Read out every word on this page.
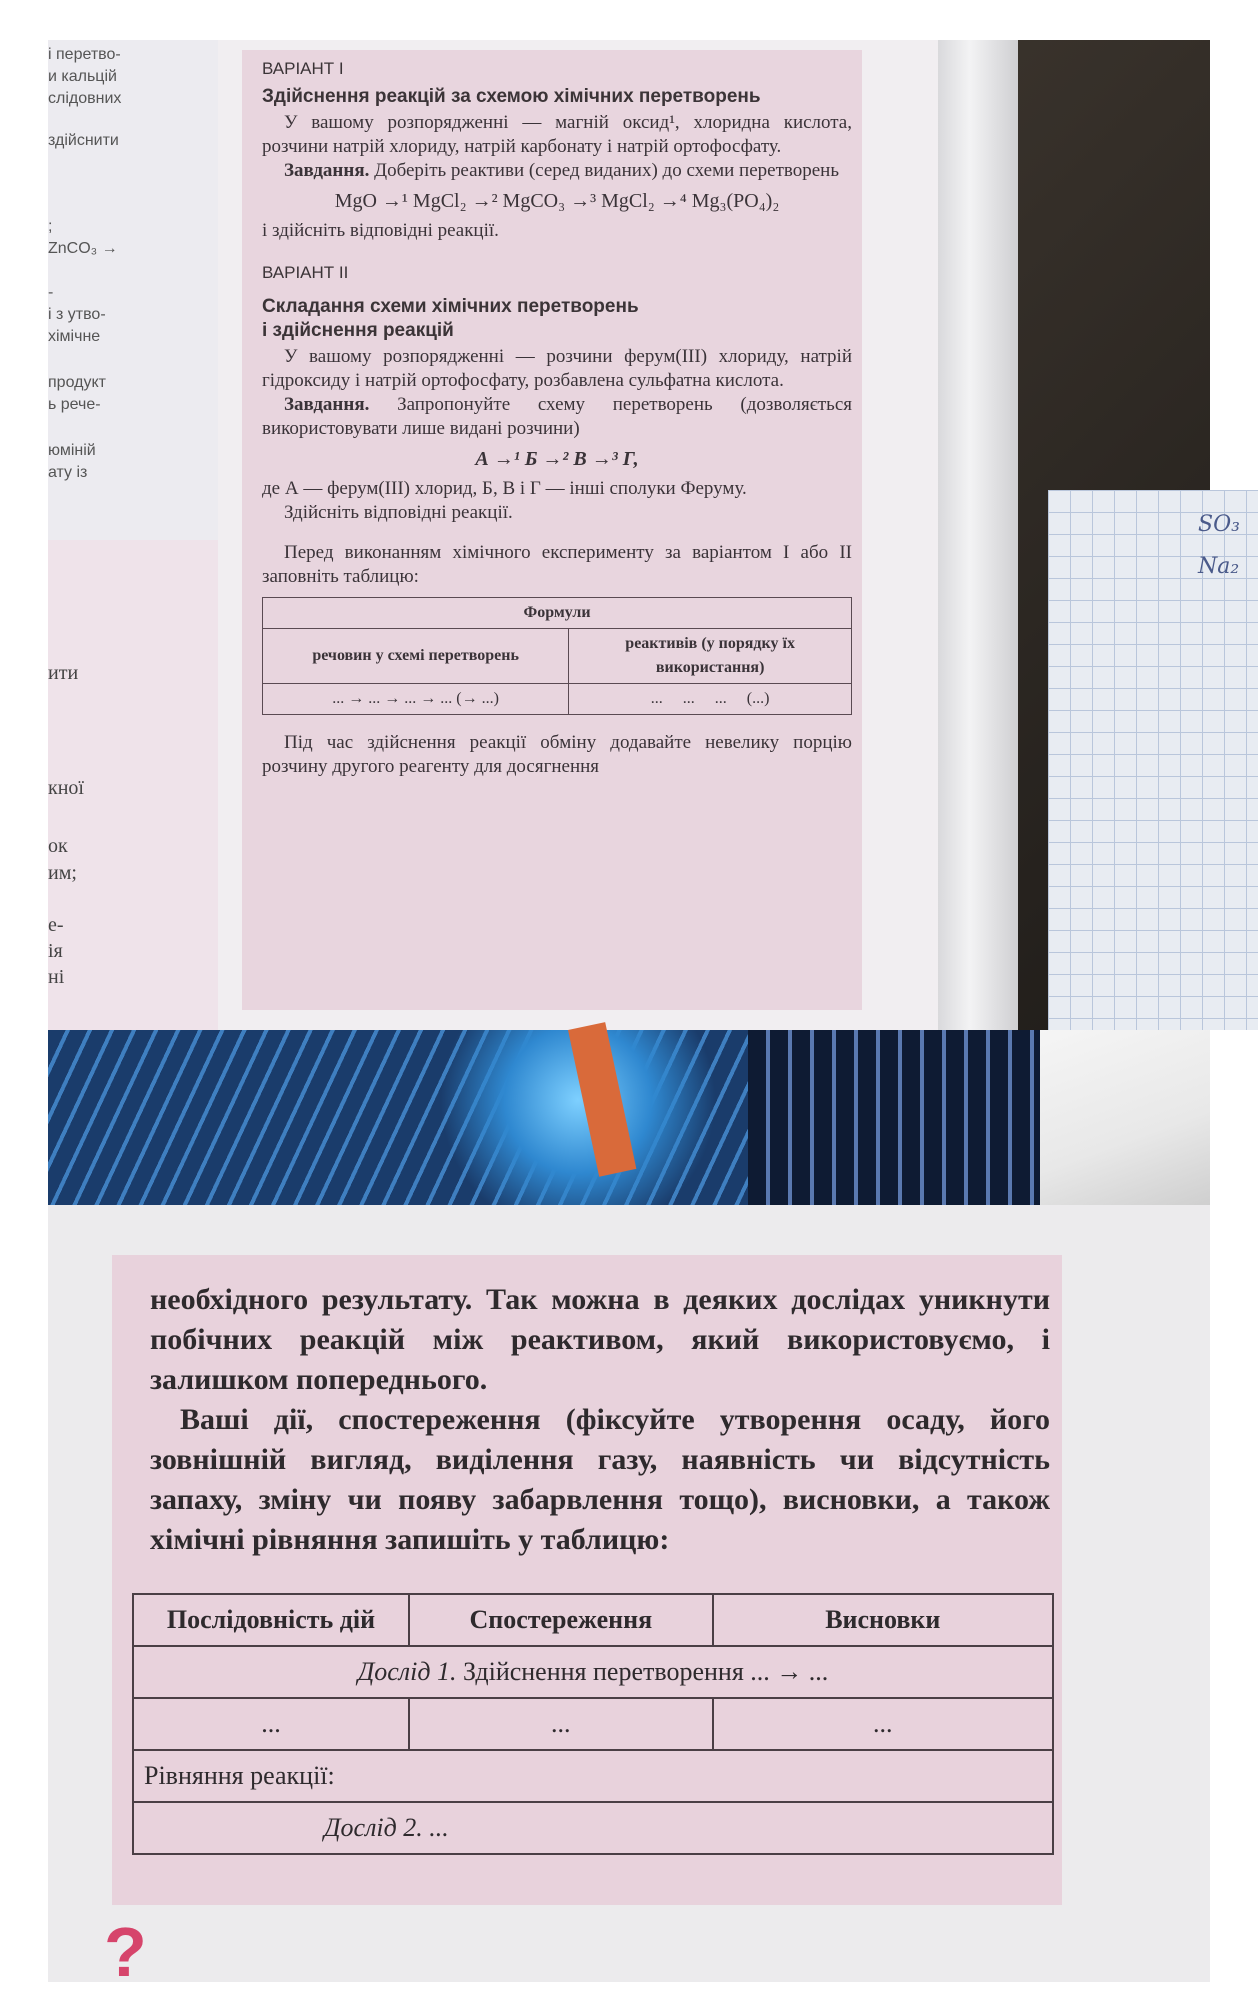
і перетво-
и кальцій
слідовних
здійснити
;
ZnCO₃ →
-
і з утво-
хімічне
продукт
ь рече-
юміній
ату із
ити
кної
ок
им;
е-
ія
ні
SO₃
Na₂
ВАРІАНТ І
Здійснення реакцій за схемою хімічних перетворень

У вашому розпорядженні — магній оксид¹, хлоридна кислота, розчини натрій хлориду, натрій карбонату і натрій ортофосфату.

Завдання. Доберіть реактиви (серед виданих) до схеми перетворень

MgO →¹ MgCl₂ →² MgCO₃ →³ MgCl₂ →⁴ Mg₃(PO₄)₂

і здійсніть відповідні реакції.

ВАРІАНТ ІІ
Складання схеми хімічних перетворень
і здійснення реакцій

У вашому розпорядженні — розчини ферум(ІІІ) хлориду, натрій гідроксиду і натрій ортофосфату, розбавлена сульфатна кислота.

Завдання. Запропонуйте схему перетворень (дозволяється використовувати лише видані розчини)

А →¹ Б →² В →³ Г,

де А — ферум(ІІІ) хлорид, Б, В і Г — інші сполуки Феруму.

Здійсніть відповідні реакції.

Перед виконанням хімічного експерименту за варіантом І або ІІ заповніть таблицю:

Формули	
речовин у схемі перетворень	реактивів (у порядку їх використання)
... → ... → ... → ... (→ ...)	...     ...     ...     (...)

Під час здійснення реакції обміну додавайте невелику порцію розчину другого реагенту для досягнення

необхідного результату. Так можна в деяких дослідах уникнути побічних реакцій між реактивом, який використовуємо, і залишком попереднього.

Ваші дії, спостереження (фіксуйте утворення осаду, його зовнішній вигляд, виділення газу, наявність чи відсутність запаху, зміну чи появу забарвлення тощо), висновки, а також хімічні рівняння запишіть у таблицю:

Послідовність дій	Спостереження	Висновки
Дослід 1. Здійснення перетворення ... → ...		
...	...	...
Рівняння реакції:		
Дослід 2. ...		
?
